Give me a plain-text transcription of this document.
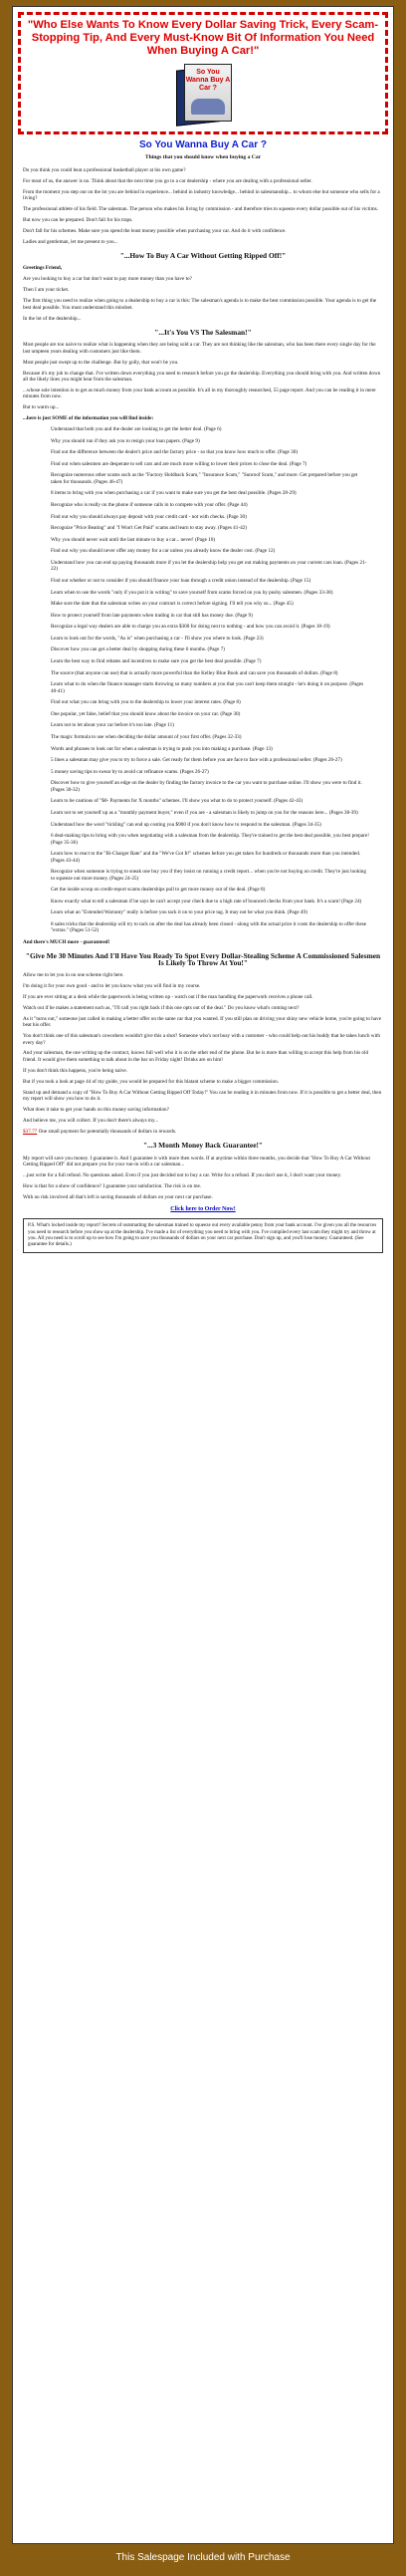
"Who Else Wants To Know Every Dollar Saving Trick, Every Scam-Stopping Tip, And Every Must-Know Bit Of Information You Need When Buying A Car!"

So You Wanna Buy A Car ?
So You Wanna Buy A Car ?
Things that you should know when buying a Car

Do you think you could beat a professional basketball player at his own game?

For most of us, the answer is no. Think about that the next time you go to a car dealership - where you are dealing with a professional seller.

From the moment you step out on the lot you are behind in experience... behind in industry knowledge... behind in salesmanship... to whom else but someone who sells for a living?

The professional athlete of his field. The salesman. The person who makes his living by commission - and therefore tries to squeeze every dollar possible out of his victims.

But now you can be prepared. Don't fall for his traps.

Don't fall for his schemes. Make sure you spend the least money possible when purchasing your car. And do it with confidence.

Ladies and gentleman, let me present to you...

"...How To Buy A Car Without Getting Ripped Off!"

Greetings Friend,

Are you looking to buy a car but don't want to pay more money than you have to?

Then I am your ticket.

The first thing you need to realize when going to a dealership to buy a car is this: The salesman's agenda is to make the best commission possible. Your agenda is to get the best deal possible. You must understand this mindset.

In the lot of the dealership...

"...It's You VS The Salesman!"

Most people are too naive to realize what is happening when they are being sold a car. They are not thinking like the salesman, who has been there every single day for the last umpteen years dealing with customers just like them.

Most people just swept up to the challenge. But by golly, that won't be you.

Because it's my job to change that. I've written down everything you need to research before you go the dealership. Everything you should bring with you. And written down all the likely lines you might hear from the salesman.

...whose sole intention is to get as much money from your bank account as possible. It's all in my thoroughly researched, 55 page report. And you can be reading it in mere minutes from now.

But to warm up...

...here is just SOME of the information you will find inside:

Understand that both you and the dealer are looking to get the better deal. (Page 6)

Why you should run if they ask you to resign your loan papers. (Page 9)

Find out the difference between the dealer's price and the factory price - so that you know how much to offer. (Page 30)

Find out when salesmen are desperate to sell cars and are much more willing to lower their prices to close the deal. (Page 7)

Recognize numerous other scams such as the "Factory Holdback Scam," "Insurance Scam," "Sunroof Scam," and more. Get prepared before you get taken for thousands. (Pages 46-47)

8 items to bring with you when purchasing a car if you want to make sure you get the best deal possible. (Pages 28-29)

Recognize who is really on the phone if someone calls in to compete with your offer. (Page 44)

Find out why you should always pay deposit with your credit card - not with checks. (Page 30)

Recognize "Price Beating" and "I Won't Get Paid" scams and learn to stay away. (Pages 41-42)

Why you should never wait until the last minute to buy a car... never! (Page 10)

Find out why you should never offer any money for a car unless you already know the dealer cost. (Page 12)

Understand how you can end up paying thousands more if you let the dealership help you get out making payments on your current cars loan. (Pages 21-22)

Find out whether or not to consider if you should finance your loan through a credit union instead of the dealership. (Page 15)

Learn when to use the words "only if you put it in writing" to save yourself from scams forced on you by pushy salesmen. (Pages 33-38)

Make sure the date that the salesman writes on your contract is correct before signing. I'll tell you why so... (Page 45)

How to protect yourself from late payments when trading in car that still has money due. (Page 9)

Recognize a legal way dealers are able to charge you an extra $300 for doing next to nothing - and how you can avoid it. (Pages 18-19)

Learn to look out for the words, "As is" when purchasing a car - I'll show you where to look. (Page 23)

Discover how you can get a better deal by shopping during these 6 months. (Page 7)

Learn the best way to find rebates and incentives to make sure you get the best deal possible. (Page 7)

The source (that anyone can use) that is actually more powerful than the Kelley Blue Book and can save you thousands of dollars. (Page 8)

Learn what to do when the finance manager starts throwing so many numbers at you that you can't keep them straight - he's doing it on purpose. (Pages 40-41)

Find out what you can bring with you to the dealership to lower your interest rates. (Page 8)

One popular, yet false, belief that you should know about the invoice on your car. (Page 30)

Learn not to let about your car before it's too late. (Page 11)

The magic formula to use when deciding the dollar amount of your first offer. (Pages 32-33)

Words and phrases to look out for when a salesman is trying to push you into making a purchase. (Page 13)

5 lines a salesman may give you to try to force a sale. Get ready for them before you are face to face with a professional seller. (Pages 26-27)

5 money saving tips to swear by to avoid car refinance scams. (Pages 26-27)

Discover how to give yourself an edge on the dealer by finding the factory invoice to the car you want to purchase online. I'll show you were to find it. (Pages 30-32)

Learn to be cautious of "$0- Payments for X months" schemes. I'll show you what to do to protect yourself. (Pages 42-43)

Learn not to set yourself up as a "monthly payment buyer," even if you are - a salesman is likely to jump on you for the reasons here... (Pages 38-39)

Understand how the word "tickling" can end up costing you $900 if you don't know how to respond to the salesman. (Pages 34-35)

6 deal-making tips to bring with you when negotiating with a salesman from the dealership. They're trained to get the best deal possible, you best prepare! (Page 35-36)

Learn how to react to the "Bi-Charger Rate" and the "We've Got It!" schemes before you get taken for hundreds or thousands more than you intended. (Pages 43-44)

Recognize when someone is trying to sneak one buy you if they insist on running a credit report... when you're not buying on credit. They're just looking to squeeze out more money. (Pages 24-25)

Get the inside scoop on credit-report scams dealerships pull to get more money out of the deal. (Page 8)

Know exactly what to tell a salesman if he says he can't accept your check due to a high rate of bounced checks from your bank. It's a scam! (Page 24)

Learn what an "Extended Warranty" really is before you tack it on to your price tag. It may not be what you think. (Page 49)

8 sales tricks that the dealership will try to tack on after the deal has already been closed - along with the actual price it costs the dealership to offer these "extras." (Pages 51-52)

And there's MUCH more - guaranteed!

"Give Me 30 Minutes And I'll Have You Ready To Spot Every Dollar-Stealing Scheme A Commissioned Salesmen Is Likely To Throw At You!"

Allow me to let you in on one scheme right here.

I'm doing it for your own good - and to let you know what you will find in my course.

If you are ever sitting at a desk while the paperwork is being written up - watch out if the man handling the paperwork receives a phone call.

Watch out if he makes a statement such as, "I'll call you right back if this one opts out of the deal." Do you know what's coming next?

As it "turns out," someone just called in making a better offer on the same car that you wanted. If you still plan on driving your shiny new vehicle home, you're going to have beat his offer.

You don't think one of this salesman's coworkers wouldn't give this a shot? Someone who's not busy with a customer - who could help out his buddy that he takes lunch with every day?

And your salesman, the one writing up the contract, knows full well who it is on the other end of the phone. But he is more than willing to accept this help from his old friend. It would give them something to talk about in the bar on Friday night! Drinks are on him!

If you don't think this happens, you're being naive.

But if you took a look at page 44 of my guide, you would be prepared for this blatant scheme to make a bigger commission.

Stand up and demand a copy of "How To Buy A Car Without Getting Ripped Off Today!" You can be reading it in minutes from now. If it is possible to get a better deal, then my report will show you how to do it.

What does it take to get your hands on this money saving information?

And believe me, you will collect. If you don't there's always my...

$37.77 One small payment for potentially thousands of dollars in rewards.

"...3 Month Money Back Guarantee!"

My report will save you money. I guarantee it. And I guarantee it with more then words. If at anytime within three months, you decide that "How To Buy A Car Without Getting Ripped Off" did not prepare you for your run-in with a car salesman...

...just write for a full refund. No questions asked. Even if you just decided not to buy a car. Write for a refund. If you don't use it, I don't want your money.

How is that for a show of confidence? I guarantee your satisfaction. The risk is on me.

With no risk involved all that's left is saving thousands of dollars on your next car purchase.

Click here to Order Now!
P.S. What's locked inside my report? Secrets of outsmarting the salesman trained to squeeze out every available penny from your bank account. I've given you all the resources you need to research before you show up at the dealership. I've made a list of everything you need to bring with you. I've compiled every last scam they might try and throw at you. All you need is to scroll up to see how I'm going to save you thousands of dollars on your next car purchase. Don't sign up, and you'll lose money. Guaranteed. (See guarantee for details.)
This Salespage Included with Purchase
